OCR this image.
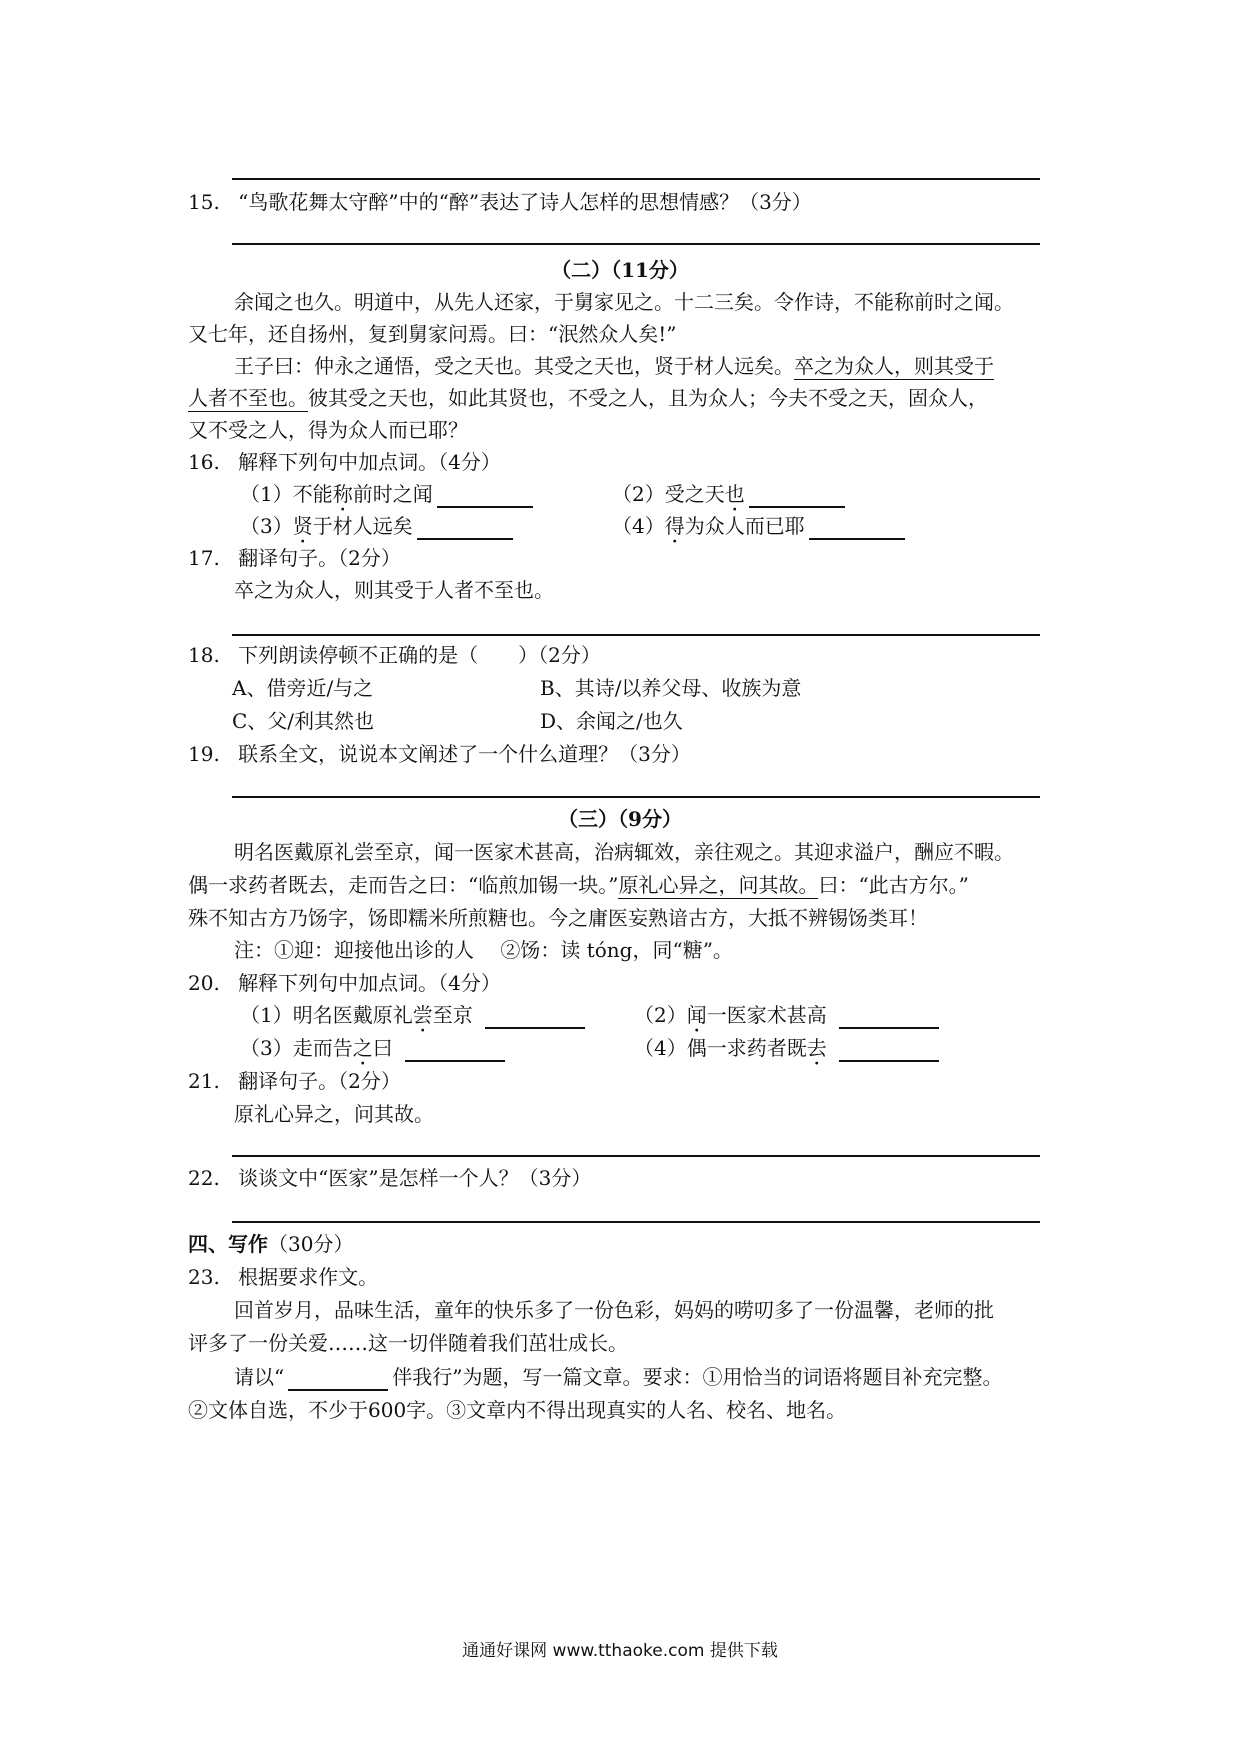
15. “鸟歌花舞太守醉”中的“醉”表达了诗人怎样的思想情感？（3分）
（二）（11分）
余闻之也久。明道中，从先人还家，于舅家见之。十二三矣。令作诗，不能称前时之闻。
又七年，还自扬州，复到舅家问焉。曰：“泯然众人矣!”
王子曰：仲永之通悟，受之天也。其受之天也，贤于材人远矣。卒之为众人，则其受于
人者不至也。彼其受之天也，如此其贤也，不受之人，且为众人；今夫不受之天，固众人，
又不受之人，得为众人而已耶？
16. 解释下列句中加点词。（4分）
（1）不能称前时之闻	（2）受之天也
（3）贤于材人远矣	（4）得为众人而已耶
17. 翻译句子。（2分）
卒之为众人，则其受于人者不至也。
18. 下列朗读停顿不正确的是（　　）（2分）
A、借旁近/与之	B、其诗/以养父母、收族为意
C、父/利其然也	D、余闻之/也久
19. 联系全文，说说本文阐述了一个什么道理？（3分）
（三）（9分）
明名医戴原礼尝至京，闻一医家术甚高，治病辄效，亲往观之。其迎求溢户，酬应不暇。
偶一求药者既去，走而告之曰：“临煎加锡一块。”原礼心异之，问其故。曰：“此古方尔。”
殊不知古方乃饧字，饧即糯米所煎糖也。今之庸医妄熟谙古方，大抵不辨锡饧类耳！
注：①迎：迎接他出诊的人　 ②饧：读 tóng，同“糖”。
20. 解释下列句中加点词。（4分）
（1）明名医戴原礼尝至京	（2）闻一医家术甚高
（3）走而告之曰	（4）偶一求药者既去
21. 翻译句子。（2分）
原礼心异之，问其故。
22. 谈谈文中“医家”是怎样一个人？（3分）
四、写作（30分）
23. 根据要求作文。
回首岁月，品味生活，童年的快乐多了一份色彩，妈妈的唠叨多了一份温馨，老师的批
评多了一份关爱……这一切伴随着我们茁壮成长。
请以“	伴我行”为题，写一篇文章。要求：①用恰当的词语将题目补充完整。
②文体自选，不少于600字。③文章内不得出现真实的人名、校名、地名。
通通好课网 www.tthaoke.com 提供下载
